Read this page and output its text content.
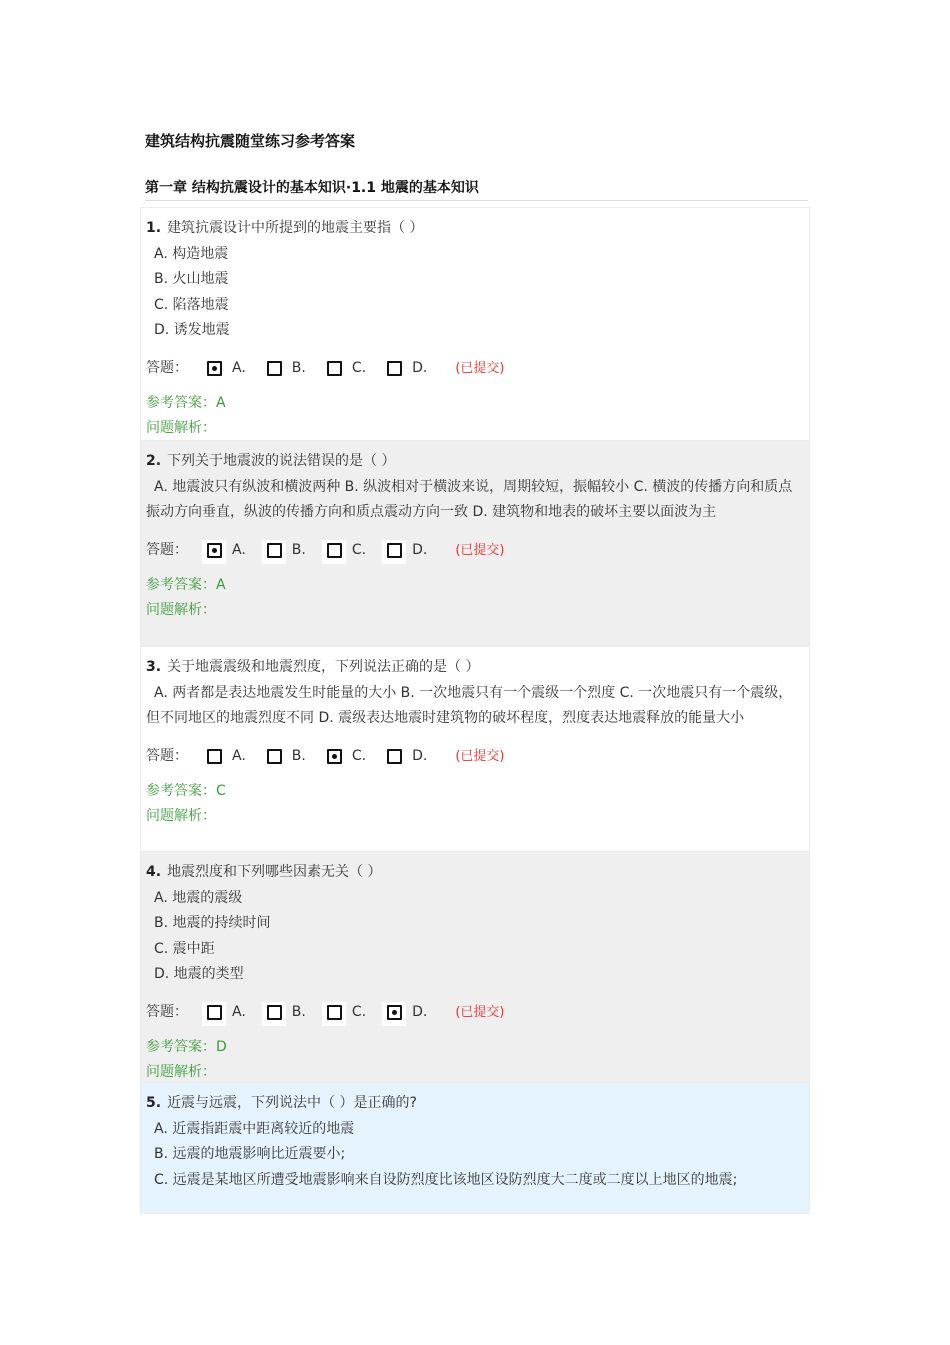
建筑结构抗震随堂练习参考答案
第一章 结构抗震设计的基本知识·1.1 地震的基本知识
1. 建筑抗震设计中所提到的地震主要指（ ）
A. 构造地震
B. 火山地震
C. 陷落地震
D. 诱发地震
答题：	A.	B.	C.	D. (已提交)
参考答案：A
问题解析：
2. 下列关于地震波的说法错误的是（ ）
A. 地震波只有纵波和横波两种 B. 纵波相对于横波来说，周期较短，振幅较小 C. 横波的传播方向和质点振动方向垂直，纵波的传播方向和质点震动方向一致 D. 建筑物和地表的破坏主要以面波为主
答题：	A.	B.	C.	D. (已提交)
参考答案：A
问题解析：
3. 关于地震震级和地震烈度，下列说法正确的是（ ）
A. 两者都是表达地震发生时能量的大小 B. 一次地震只有一个震级一个烈度 C. 一次地震只有一个震级，但不同地区的地震烈度不同 D. 震级表达地震时建筑物的破坏程度，烈度表达地震释放的能量大小
答题：	A.	B.	C.	D. (已提交)
参考答案：C
问题解析：
4. 地震烈度和下列哪些因素无关（ ）
A. 地震的震级
B. 地震的持续时间
C. 震中距
D. 地震的类型
答题：	A.	B.	C.	D. (已提交)
参考答案：D
问题解析：
5. 近震与远震，下列说法中（ ）是正确的?
A. 近震指距震中距离较近的地震
B. 远震的地震影响比近震要小;
C. 远震是某地区所遭受地震影响来自设防烈度比该地区设防烈度大二度或二度以上地区的地震;
